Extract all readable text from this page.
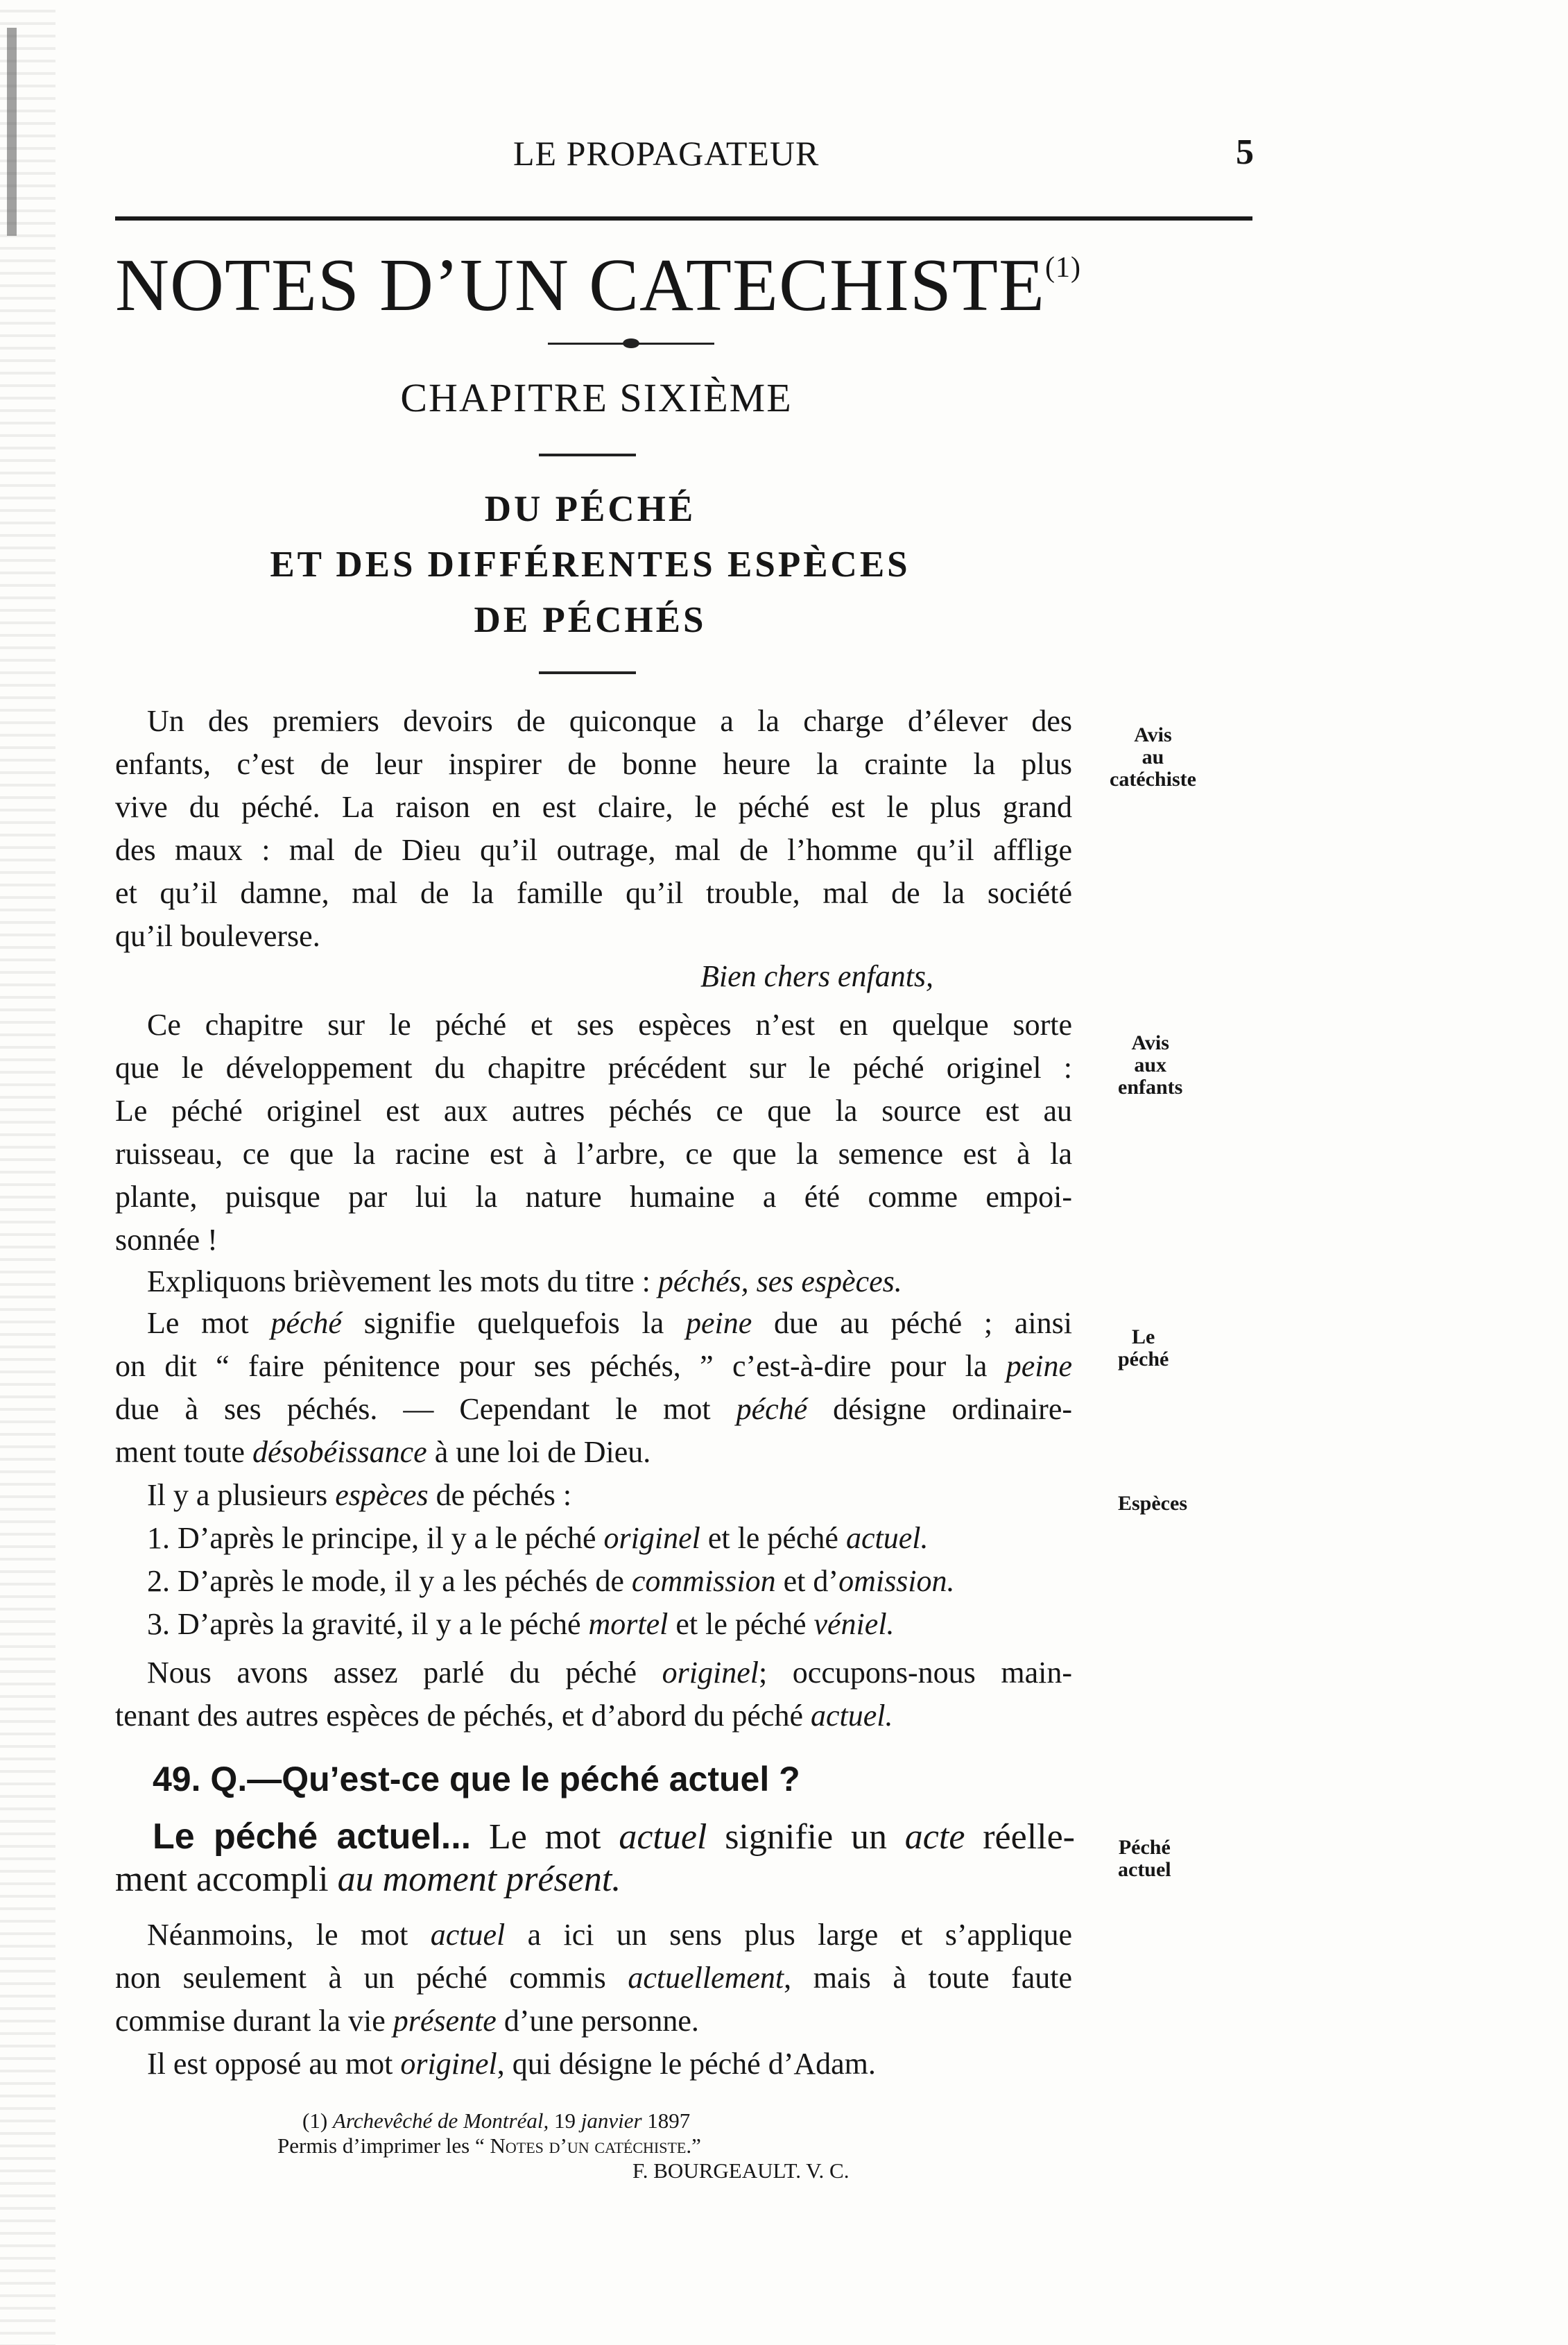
LE PROPAGATEUR	5
NOTES D’UN CATECHISTE$^{(1)}$
CHAPITRE SIXIÈME
DU PÉCHÉ
ET DES DIFFÉRENTES ESPÈCES
DE PÉCHÉS
Un des premiers devoirs de quiconque a la charge d’élever des
enfants, c’est de leur inspirer de bonne heure la crainte la plus
vive du péché. La raison en est claire, le péché est le plus grand
des maux : mal de Dieu qu’il outrage, mal de l’homme qu’il afflige
et qu’il damne, mal de la famille qu’il trouble, mal de la société
qu’il bouleverse.
Bien chers enfants,
Ce chapitre sur le péché et ses espèces n’est en quelque sorte
que le développement du chapitre précédent sur le péché originel :
Le péché originel est aux autres péchés ce que la source est au
ruisseau, ce que la racine est à l’arbre, ce que la semence est à la
plante, puisque par lui la nature humaine a été comme empoi-
sonnée !
Expliquons brièvement les mots du titre : péchés, ses espèces.
Le mot péché signifie quelquefois la peine due au péché ; ainsi
on dit “ faire pénitence pour ses péchés, ” c’est-à-dire pour la peine
due à ses péchés. — Cependant le mot péché désigne ordinaire-
ment toute désobéissance à une loi de Dieu.
Il y a plusieurs espèces de péchés :
1. D’après le principe, il y a le péché originel et le péché actuel.
2. D’après le mode, il y a les péchés de commission et d’omission.
3. D’après la gravité, il y a le péché mortel et le péché véniel.
Nous avons assez parlé du péché originel; occupons-nous main-
tenant des autres espèces de péchés, et d’abord du péché actuel.
49. Q.—Qu’est-ce que le péché actuel ?
Le péché actuel... Le mot actuel signifie un acte réelle-
ment accompli au moment présent.
Néanmoins, le mot actuel a ici un sens plus large et s’applique
non seulement à un péché commis actuellement, mais à toute faute
commise durant la vie présente d’une personne.
Il est opposé au mot originel, qui désigne le péché d’Adam.
Avis
au
catéchiste
Avis
aux
enfants
Le
péché
Espèces
Péché
actuel
(1) Archevêché de Montréal, 19 janvier 1897
Permis d’imprimer les “ Notes d’un catéchiste.”
F. BOURGEAULT. V. C.
